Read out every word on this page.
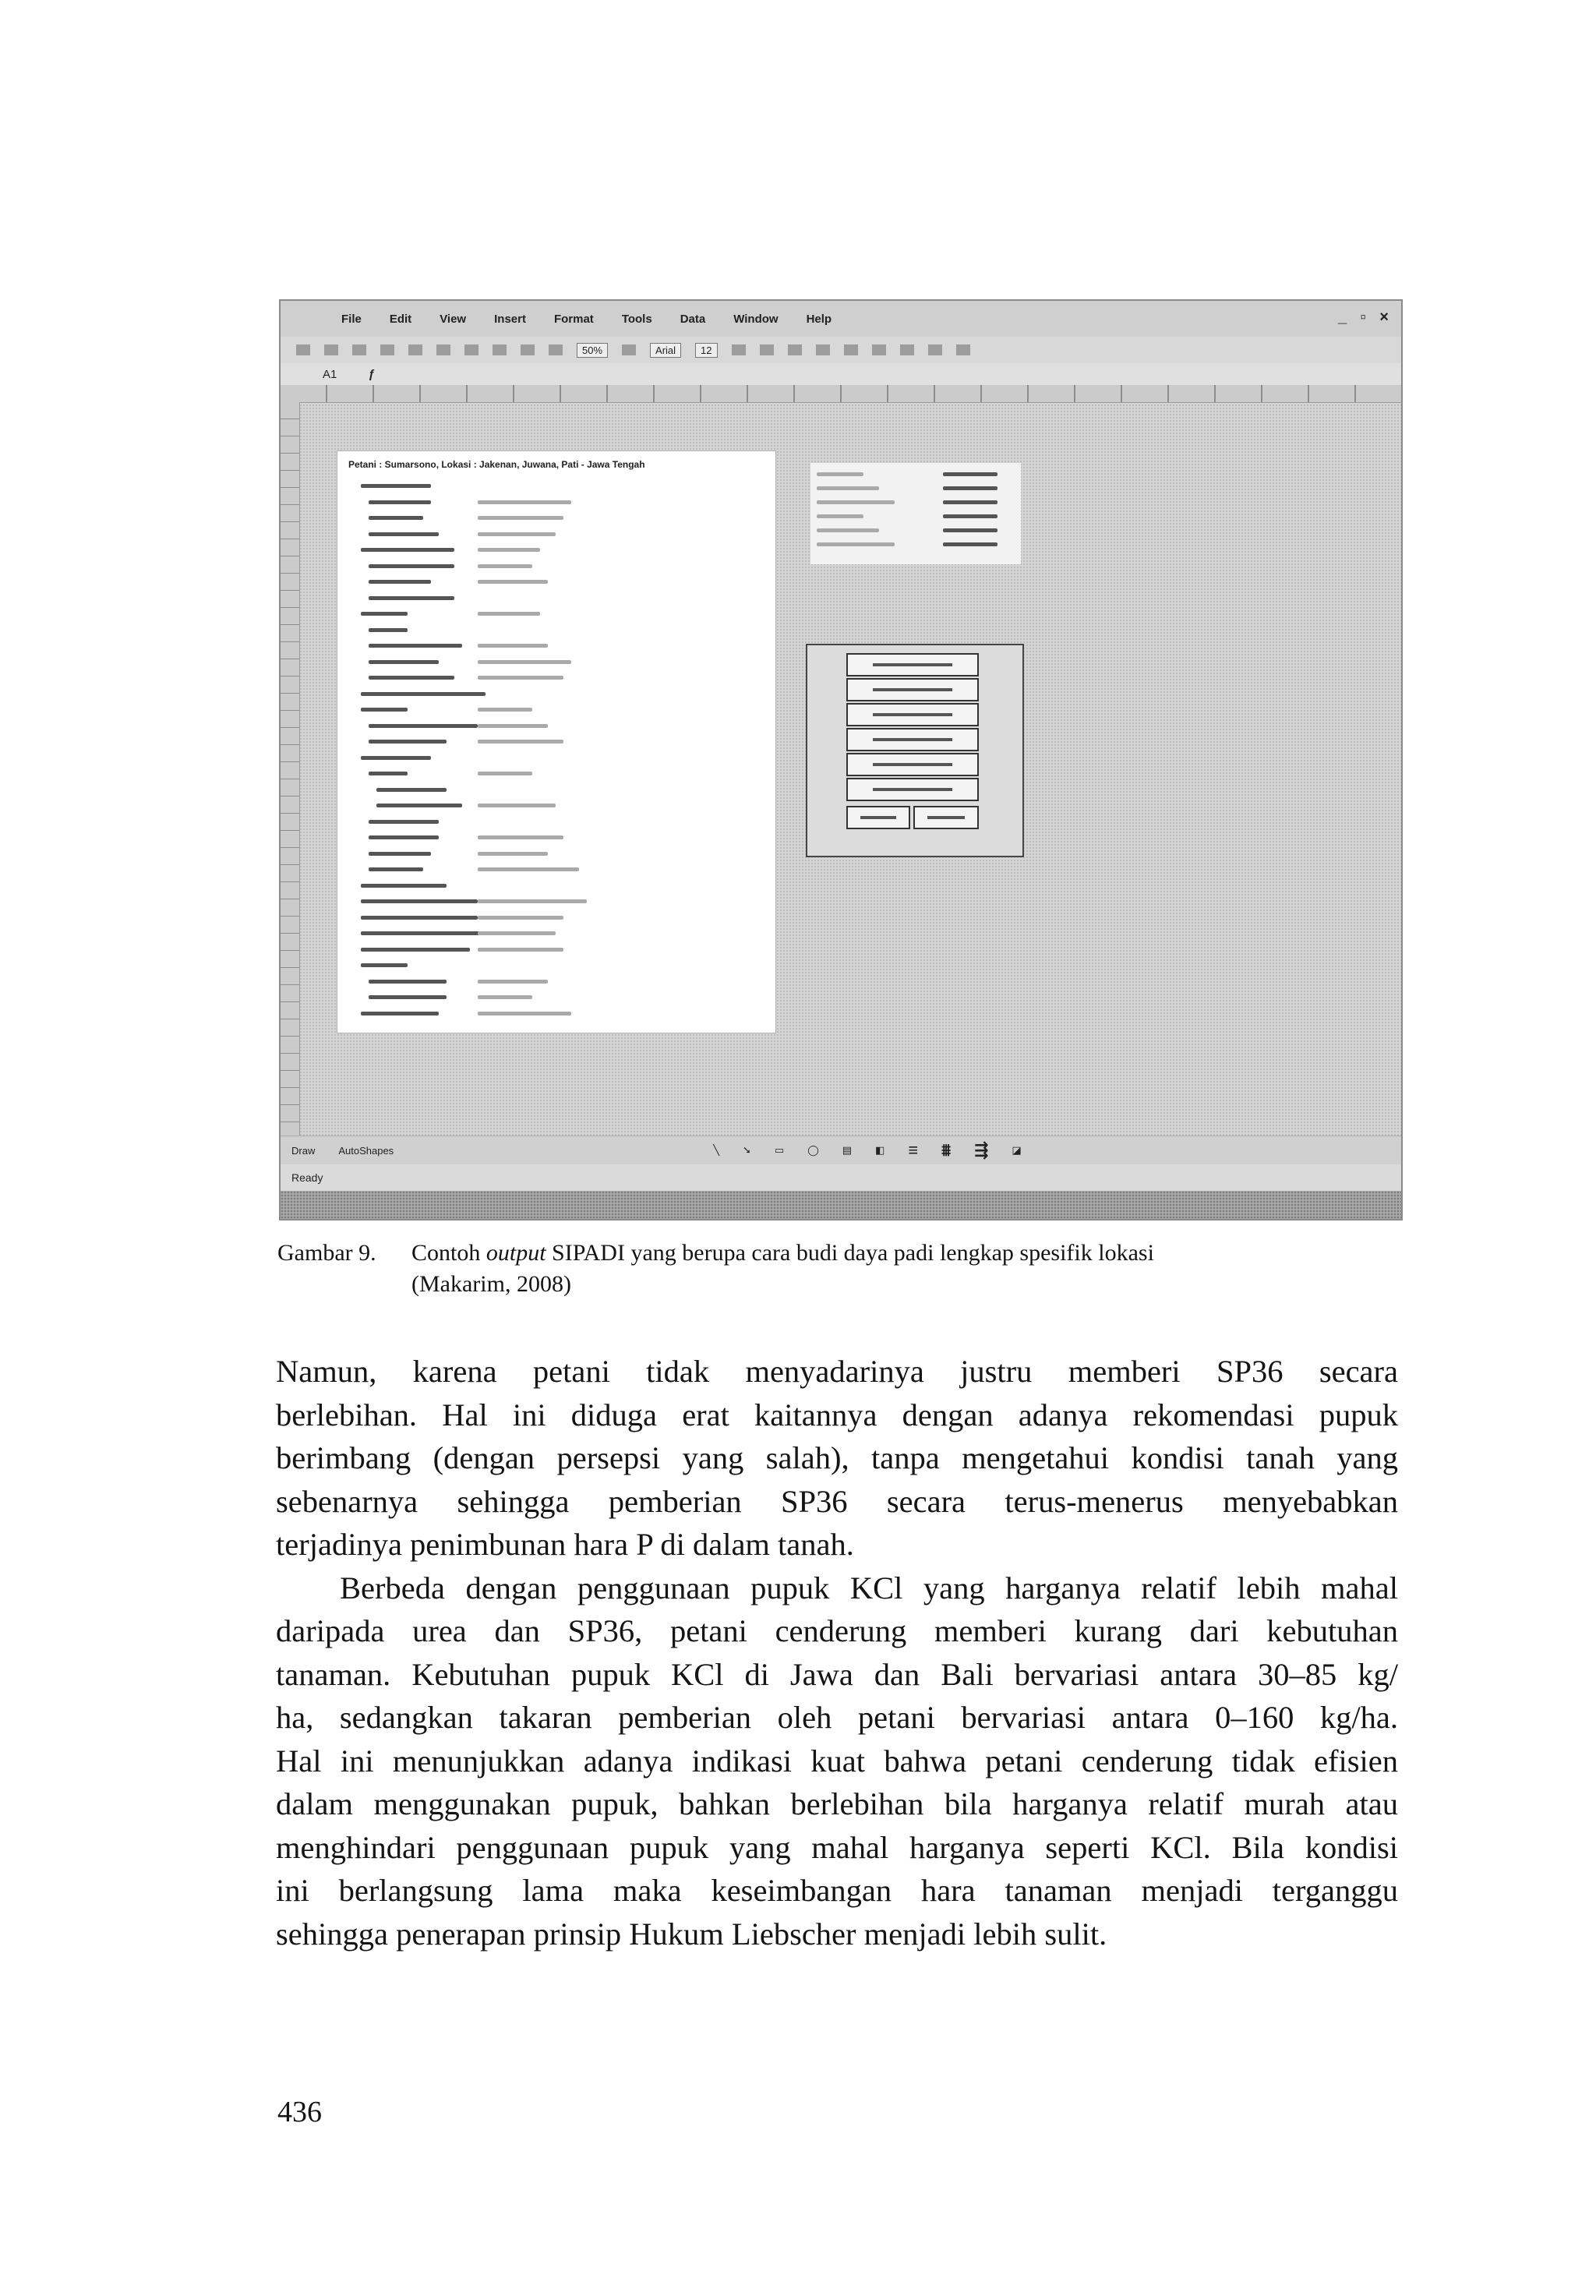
File Edit View Insert Format Tools Data Window Help	_ ▫ ×
50%	Arial	12
A1	ƒ
Petani : Sumarsono, Lokasi : Jakenan, Juwana, Pati - Jawa Tengah
Draw AutoShapes	╲ ➘ ▭ ◯ ▤ ◧ ≡ ⩩ ⇶ ◪
Ready
Gambar 9. Contoh output SIPADI yang berupa cara budi daya padi lengkap spesifik lokasi
(Makarim, 2008)

Namun, karena petani tidak menyadarinya justru memberi SP36 secara

berlebihan. Hal ini diduga erat kaitannya dengan adanya rekomendasi pupuk

berimbang (dengan persepsi yang salah), tanpa mengetahui kondisi tanah yang

sebenarnya sehingga pemberian SP36 secara terus-menerus menyebabkan

terjadinya penimbunan hara P di dalam tanah.

Berbeda dengan penggunaan pupuk KCl yang harganya relatif lebih mahal

daripada urea dan SP36, petani cenderung memberi kurang dari kebutuhan

tanaman. Kebutuhan pupuk KCl di Jawa dan Bali bervariasi antara 30–85 kg/

ha, sedangkan takaran pemberian oleh petani bervariasi antara 0–160 kg/ha.

Hal ini menunjukkan adanya indikasi kuat bahwa petani cenderung tidak efisien

dalam menggunakan pupuk, bahkan berlebihan bila harganya relatif murah atau

menghindari penggunaan pupuk yang mahal harganya seperti KCl. Bila kondisi

ini berlangsung lama maka keseimbangan hara tanaman menjadi terganggu

sehingga penerapan prinsip Hukum Liebscher menjadi lebih sulit.

436
